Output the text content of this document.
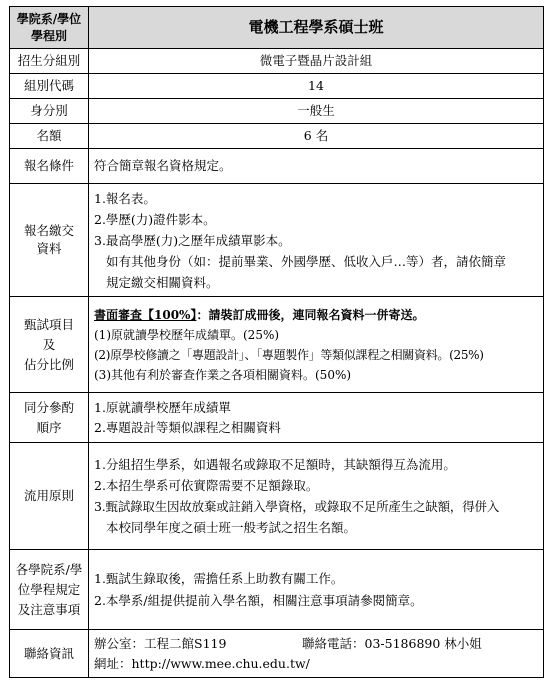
學院系/學位
學程別	電機工程學系碩士班
招生分組別	微電子暨晶片設計組
組別代碼	14
身分別	一般生
名額	6 名
報名條件	符合簡章報名資格規定。

報名繳交
資料	1.報名表。
2.學歷(力)證件影本。
3.最高學歷(力)之歷年成績單影本。
如有其他身份（如：提前畢業、外國學歷、低收入戶…等）者，請依簡章
規定繳交相關資料。

甄試項目
及
佔分比例	書面審查【100%】：請裝訂成冊後，連同報名資料一併寄送。
(1)原就讀學校歷年成績單。(25%)
(2)原學校修讀之「專題設計」、「專題製作」等類似課程之相關資料。(25%)
(3)其他有利於審查作業之各項相關資料。(50%)

同分參酌
順序	1.原就讀學校歷年成績單
2.專題設計等類似課程之相關資料

流用原則	1.分組招生學系，如遇報名或錄取不足額時，其缺額得互為流用。
2.本招生學系可依實際需要不足額錄取。
3.甄試錄取生因故放棄或註銷入學資格，或錄取不足所產生之缺額，得併入
本校同學年度之碩士班一般考試之招生名額。

各學院系/學
位學程規定
及注意事項	1.甄試生錄取後，需擔任系上助教有關工作。
2.本學系/組提供提前入學名額，相關注意事項請參閱簡章。

聯絡資訊	辦公室：工程二館S119 聯絡電話：03-5186890 林小姐
網址：http://www.mee.chu.edu.tw/
